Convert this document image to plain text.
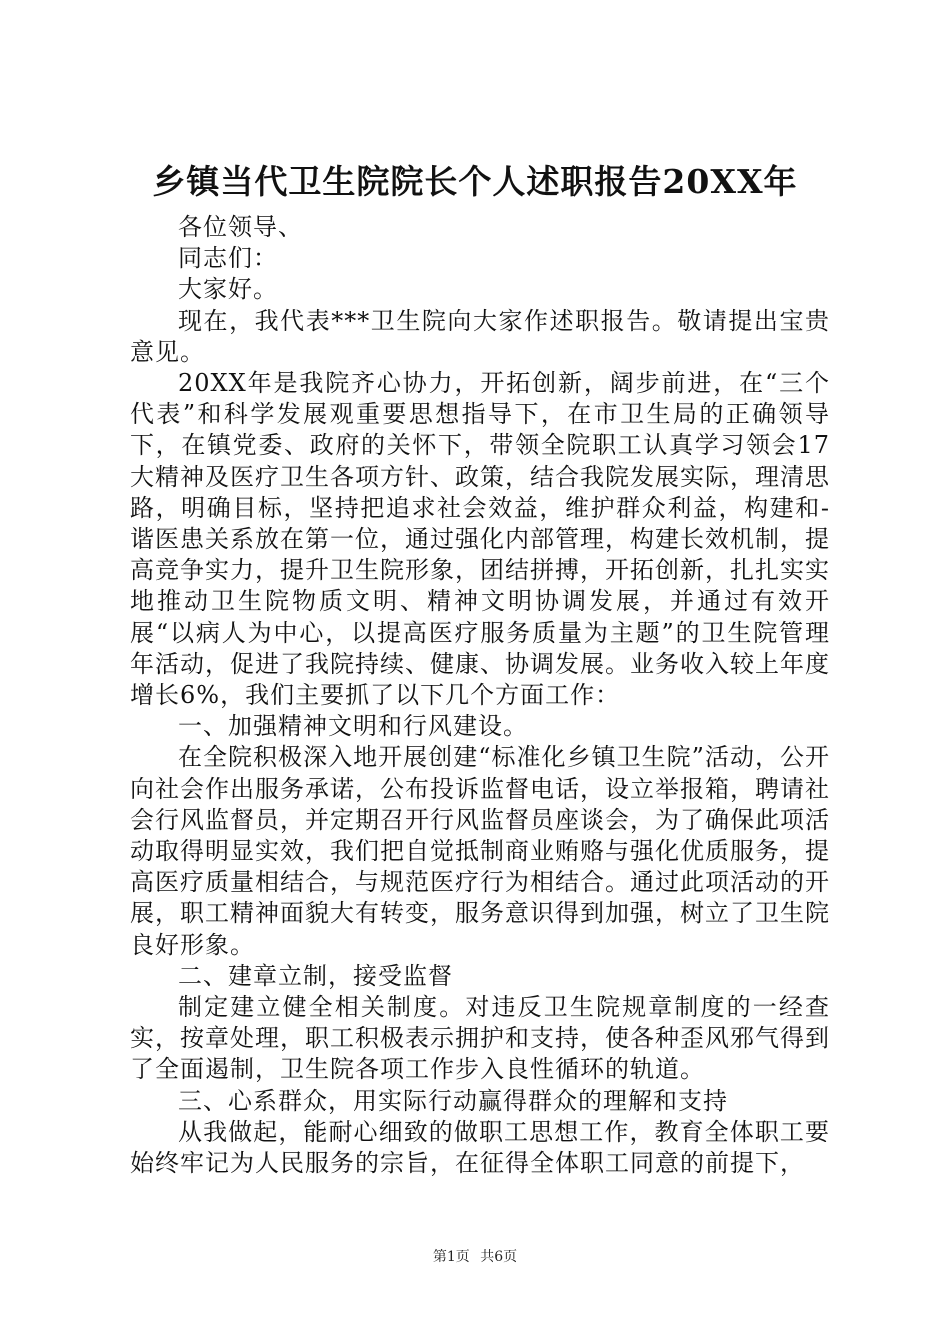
乡镇当代卫生院院长个人述职报告20XX年

各位领导、

同志们：

大家好。

现在，我代表***卫生院向大家作述职报告。敬请提出宝贵意见。

20XX年是我院齐心协力，开拓创新，阔步前进，在“三个代表”和科学发展观重要思想指导下，在市卫生局的正确领导下，在镇党委、政府的关怀下，带领全院职工认真学习领会17大精神及医疗卫生各项方针、政策，结合我院发展实际，理清思路，明确目标，坚持把追求社会效益，维护群众利益，构建和-谐医患关系放在第一位，通过强化内部管理，构建长效机制，提高竞争实力，提升卫生院形象，团结拼搏，开拓创新，扎扎实实地推动卫生院物质文明、精神文明协调发展，并通过有效开展“以病人为中心，以提高医疗服务质量为主题”的卫生院管理年活动，促进了我院持续、健康、协调发展。业务收入较上年度增长6%，我们主要抓了以下几个方面工作：

一、加强精神文明和行风建设。

在全院积极深入地开展创建“标准化乡镇卫生院”活动，公开向社会作出服务承诺，公布投诉监督电话，设立举报箱，聘请社会行风监督员，并定期召开行风监督员座谈会，为了确保此项活动取得明显实效，我们把自觉抵制商业贿赂与强化优质服务，提高医疗质量相结合，与规范医疗行为相结合。通过此项活动的开展，职工精神面貌大有转变，服务意识得到加强，树立了卫生院良好形象。

二、建章立制，接受监督

制定建立健全相关制度。对违反卫生院规章制度的一经查实，按章处理，职工积极表示拥护和支持，使各种歪风邪气得到了全面遏制，卫生院各项工作步入良性循环的轨道。

三、心系群众，用实际行动赢得群众的理解和支持

从我做起，能耐心细致的做职工思想工作，教育全体职工要始终牢记为人民服务的宗旨，在征得全体职工同意的前提下，

第1页 共6页
